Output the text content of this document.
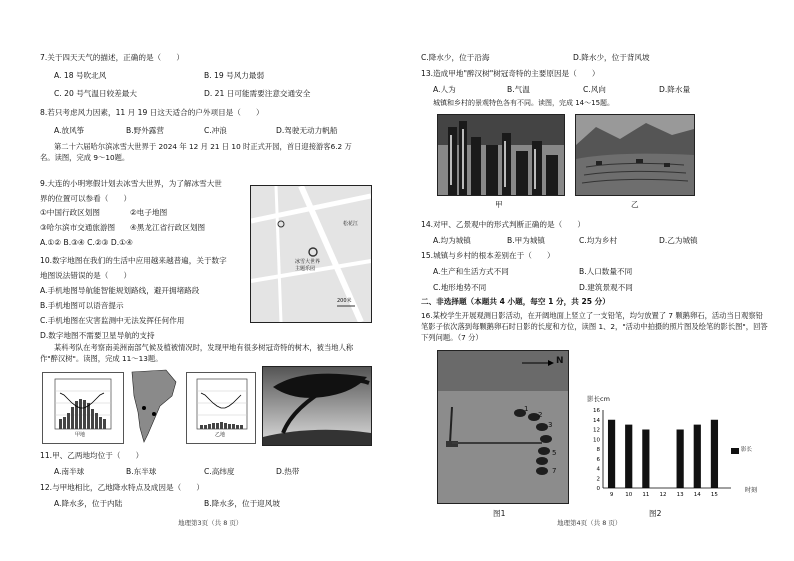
7.关于四天天气的描述，正确的是（　　）
A. 18 号吹北风	B. 19 号风力最弱
C. 20 号气温日较差最大	D. 21 日可能需要注意交通安全
8.若只考虑风力因素，11 月 19 日这天适合的户外项目是（　　）
A.放风筝	B.野外露营	C.冲浪	D.驾驶无动力帆船
第二十六届哈尔滨冰雪大世界于 2024 年 12 月 21 日 10 时正式开园，首日迎接游客6.2 万名。读图，完成 9～10题。
9.大连的小明寒假计划去冰雪大世界，为了解冰雪大世
界的位置可以参看（　　）
①中国行政区划图	②电子地图
③哈尔滨市交通旅游图 ④黑龙江省行政区划图
A.①② B.③④ C.②③ D.①④
10.数字地图在我们的生活中应用越来越普遍，关于数字
地图说法错误的是（　　）
A.手机地图导航能智能规划路线，避开拥堵路段
B.手机地图可以语音提示
C.手机地图在灾害监测中无法发挥任何作用
D.数字地图不需要卫星导航的支持
冰雪大世界
主题乐园
松花江
200米
某科考队在考察南美洲南部气候及植被情况时，发现甲地有很多树冠奇特的树木，被当地人称作"醉汉树"。读图，完成 11～13题。
甲地	乙地
11.甲、乙两地均位于（　　）
A.南半球	B.东半球	C.高纬度	D.热带
12.与甲地相比，乙地降水特点及成因是（　　）
A.降水多，位于内陆	B.降水多，位于迎风坡
地理第3页（共 8 页）
C.降水少，位于沿海	D.降水少，位于背风坡
13.造成甲地"醉汉树"树冠奇特的主要原因是（　　）
A.人为	B.气温	C.风向	D.降水量
城镇和乡村的景观特色各有不同。读图，完成 14～15题。
甲	乙
14.对甲、乙景观中的形式判断正确的是（　　）
A.均为城镇	B.甲为城镇	C.均为乡村	D.乙为城镇
15.城镇与乡村的根本差别在于（　　）
A.生产和生活方式不同	B.人口数量不同
C.地形地势不同	D.建筑景观不同
二、非选择题（本题共 4 小题，每空 1 分，共 25 分）
16.某校学生开展观测日影活动，在开阔地面上竖立了一支铅笔，均匀放置了 7 颗鹅卵石，活动当日观察铅笔影子依次落到每颗鹅卵石时日影的长度和方位，读图 1、2，"活动中拍摄的照片图及绘笔的影长图"，回答下列问题。（7 分）
1
2
3
5
7
N
图1
0
2
4
6
8
10
12
14
16
9 10 11 12 13 14 15
影长cm
时刻
影长
图2
地理第4页（共 8 页）
